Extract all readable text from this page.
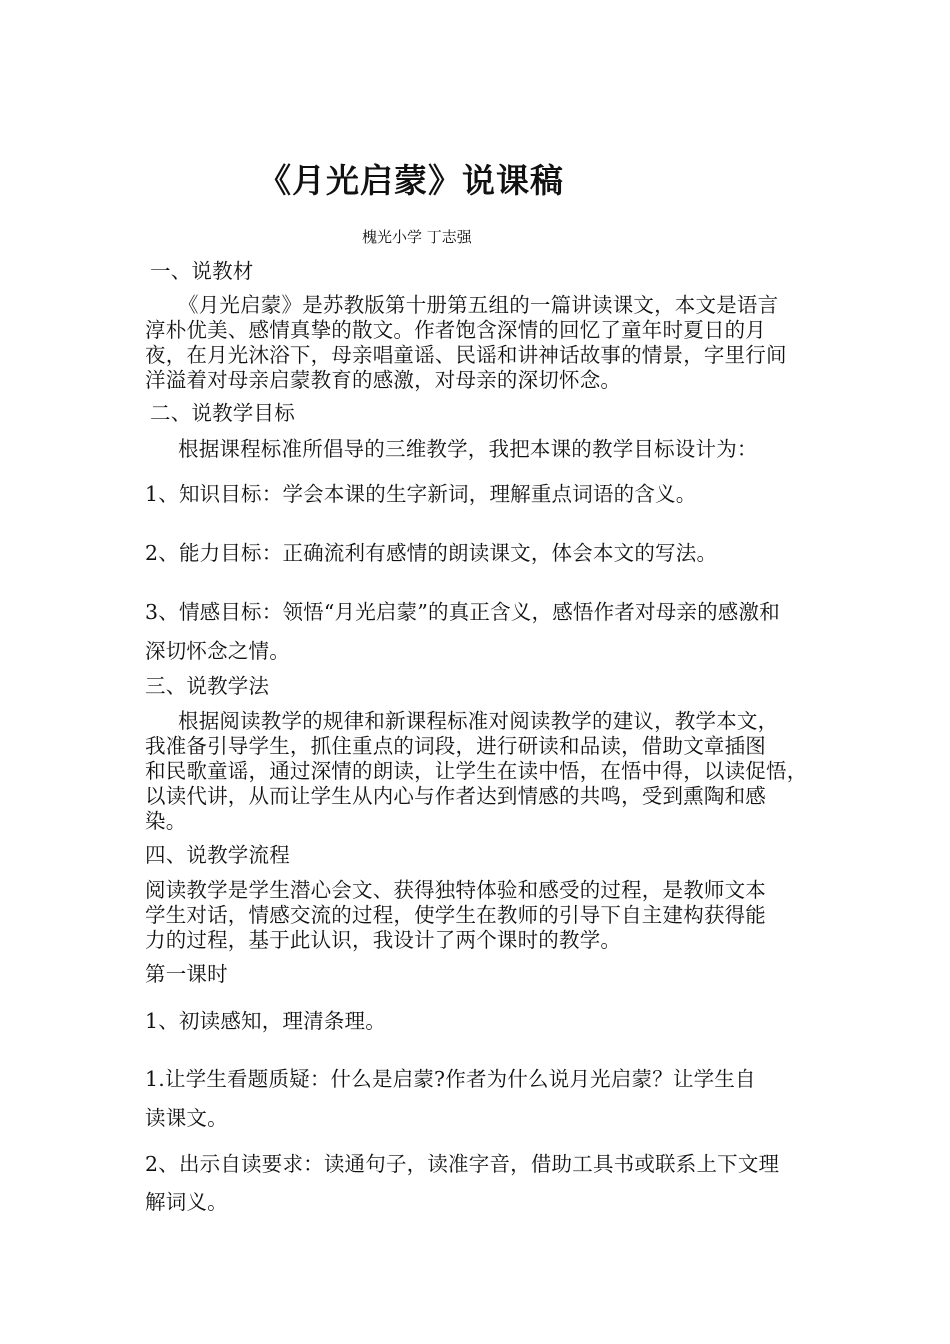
《月光启蒙》说课稿
槐光小学 丁志强
一、说教材
《月光启蒙》是苏教版第十册第五组的一篇讲读课文，本文是语言
淳朴优美、感情真挚的散文。作者饱含深情的回忆了童年时夏日的月
夜，在月光沐浴下，母亲唱童谣、民谣和讲神话故事的情景，字里行间
洋溢着对母亲启蒙教育的感激，对母亲的深切怀念。
二、说教学目标
根据课程标准所倡导的三维教学，我把本课的教学目标设计为：
1、知识目标：学会本课的生字新词，理解重点词语的含义。
2、能力目标：正确流利有感情的朗读课文，体会本文的写法。
3、情感目标：领悟“月光启蒙”的真正含义，感悟作者对母亲的感激和
深切怀念之情。
三、说教学法
根据阅读教学的规律和新课程标准对阅读教学的建议，教学本文，
我准备引导学生，抓住重点的词段，进行研读和品读，借助文章插图
和民歌童谣，通过深情的朗读，让学生在读中悟，在悟中得，以读促悟，
以读代讲，从而让学生从内心与作者达到情感的共鸣，受到熏陶和感
染。
四、说教学流程
阅读教学是学生潜心会文、获得独特体验和感受的过程，是教师文本
学生对话，情感交流的过程，使学生在教师的引导下自主建构获得能
力的过程，基于此认识，我设计了两个课时的教学。
第一课时
1、初读感知，理清条理。
1.让学生看题质疑：什么是启蒙?作者为什么说月光启蒙？让学生自
读课文。
2、出示自读要求：读通句子，读准字音，借助工具书或联系上下文理
解词义。
